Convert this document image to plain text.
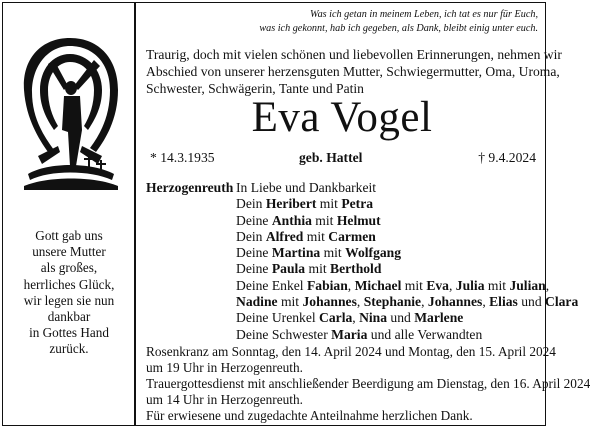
Gott gab uns
unsere Mutter
als großes,
herrliches Glück,
wir legen sie nun
dankbar
in Gottes Hand
zurück.
Was ich getan in meinem Leben, ich tat es nur für Euch,
was ich gekonnt, hab ich gegeben, als Dank, bleibt einig unter euch.
Traurig, doch mit vielen schönen und liebevollen Erinnerungen, nehmen wir
Abschied von unserer herzensguten Mutter, Schwiegermutter, Oma, Uroma,
Schwester, Schwägerin, Tante und Patin
Eva Vogel
* 14.3.1935	geb. Hattel	† 9.4.2024
Herzogenreuth In Liebe und Dankbarkeit
Dein Heribert mit Petra
Deine Anthia mit Helmut
Dein Alfred mit Carmen
Deine Martina mit Wolfgang
Deine Paula mit Berthold
Deine Enkel Fabian, Michael mit Eva, Julia mit Julian,
Nadine mit Johannes, Stephanie, Johannes, Elias und Clara
Deine Urenkel Carla, Nina und Marlene
Deine Schwester Maria und alle Verwandten
Rosenkranz am Sonntag, den 14. April 2024 und Montag, den 15. April 2024
um 19 Uhr in Herzogenreuth.
Trauergottesdienst mit anschließender Beerdigung am Dienstag, den 16. April 2024
um 14 Uhr in Herzogenreuth.
Für erwiesene und zugedachte Anteilnahme herzlichen Dank.
